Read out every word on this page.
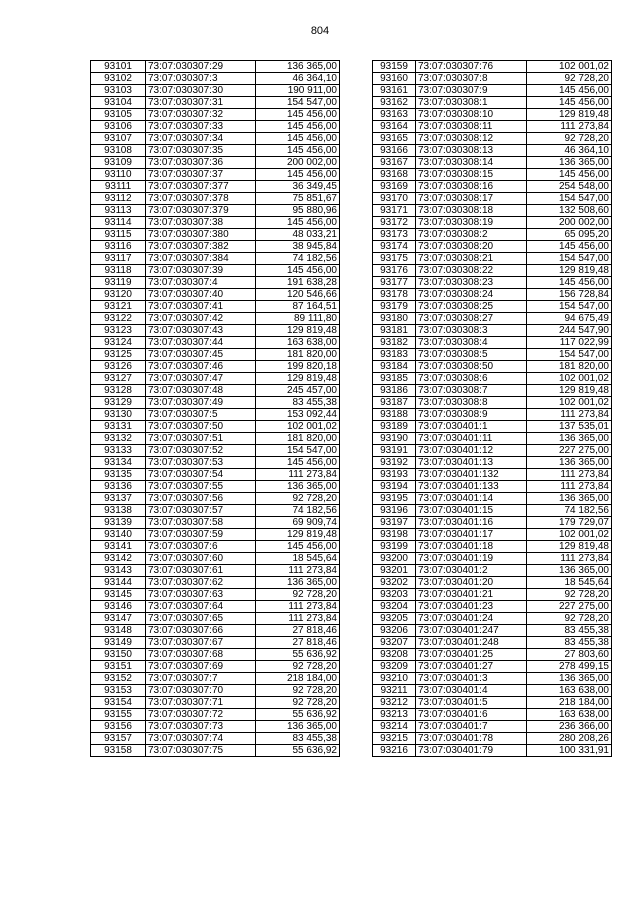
804
93101	73:07:030307:29	136 365,00
93102	73:07:030307:3	46 364,10
93103	73:07:030307:30	190 911,00
93104	73:07:030307:31	154 547,00
93105	73:07:030307:32	145 456,00
93106	73:07:030307:33	145 456,00
93107	73:07:030307:34	145 456,00
93108	73:07:030307:35	145 456,00
93109	73:07:030307:36	200 002,00
93110	73:07:030307:37	145 456,00
93111	73:07:030307:377	36 349,45
93112	73:07:030307:378	75 851,67
93113	73:07:030307:379	95 880,96
93114	73:07:030307:38	145 456,00
93115	73:07:030307:380	48 033,21
93116	73:07:030307:382	38 945,84
93117	73:07:030307:384	74 182,56
93118	73:07:030307:39	145 456,00
93119	73:07:030307:4	191 638,28
93120	73:07:030307:40	120 546,66
93121	73:07:030307:41	87 164,51
93122	73:07:030307:42	89 111,80
93123	73:07:030307:43	129 819,48
93124	73:07:030307:44	163 638,00
93125	73:07:030307:45	181 820,00
93126	73:07:030307:46	199 820,18
93127	73:07:030307:47	129 819,48
93128	73:07:030307:48	245 457,00
93129	73:07:030307:49	83 455,38
93130	73:07:030307:5	153 092,44
93131	73:07:030307:50	102 001,02
93132	73:07:030307:51	181 820,00
93133	73:07:030307:52	154 547,00
93134	73:07:030307:53	145 456,00
93135	73:07:030307:54	111 273,84
93136	73:07:030307:55	136 365,00
93137	73:07:030307:56	92 728,20
93138	73:07:030307:57	74 182,56
93139	73:07:030307:58	69 909,74
93140	73:07:030307:59	129 819,48
93141	73:07:030307:6	145 456,00
93142	73:07:030307:60	18 545,64
93143	73:07:030307:61	111 273,84
93144	73:07:030307:62	136 365,00
93145	73:07:030307:63	92 728,20
93146	73:07:030307:64	111 273,84
93147	73:07:030307:65	111 273,84
93148	73:07:030307:66	27 818,46
93149	73:07:030307:67	27 818,46
93150	73:07:030307:68	55 636,92
93151	73:07:030307:69	92 728,20
93152	73:07:030307:7	218 184,00
93153	73:07:030307:70	92 728,20
93154	73:07:030307:71	92 728,20
93155	73:07:030307:72	55 636,92
93156	73:07:030307:73	136 365,00
93157	73:07:030307:74	83 455,38
93158	73:07:030307:75	55 636,92
93159	73:07:030307:76	102 001,02
93160	73:07:030307:8	92 728,20
93161	73:07:030307:9	145 456,00
93162	73:07:030308:1	145 456,00
93163	73:07:030308:10	129 819,48
93164	73:07:030308:11	111 273,84
93165	73:07:030308:12	92 728,20
93166	73:07:030308:13	46 364,10
93167	73:07:030308:14	136 365,00
93168	73:07:030308:15	145 456,00
93169	73:07:030308:16	254 548,00
93170	73:07:030308:17	154 547,00
93171	73:07:030308:18	132 508,60
93172	73:07:030308:19	200 002,00
93173	73:07:030308:2	65 095,20
93174	73:07:030308:20	145 456,00
93175	73:07:030308:21	154 547,00
93176	73:07:030308:22	129 819,48
93177	73:07:030308:23	145 456,00
93178	73:07:030308:24	156 728,84
93179	73:07:030308:25	154 547,00
93180	73:07:030308:27	94 675,49
93181	73:07:030308:3	244 547,90
93182	73:07:030308:4	117 022,99
93183	73:07:030308:5	154 547,00
93184	73:07:030308:50	181 820,00
93185	73:07:030308:6	102 001,02
93186	73:07:030308:7	129 819,48
93187	73:07:030308:8	102 001,02
93188	73:07:030308:9	111 273,84
93189	73:07:030401:1	137 535,01
93190	73:07:030401:11	136 365,00
93191	73:07:030401:12	227 275,00
93192	73:07:030401:13	136 365,00
93193	73:07:030401:132	111 273,84
93194	73:07:030401:133	111 273,84
93195	73:07:030401:14	136 365,00
93196	73:07:030401:15	74 182,56
93197	73:07:030401:16	179 729,07
93198	73:07:030401:17	102 001,02
93199	73:07:030401:18	129 819,48
93200	73:07:030401:19	111 273,84
93201	73:07:030401:2	136 365,00
93202	73:07:030401:20	18 545,64
93203	73:07:030401:21	92 728,20
93204	73:07:030401:23	227 275,00
93205	73:07:030401:24	92 728,20
93206	73:07:030401:247	83 455,38
93207	73:07:030401:248	83 455,38
93208	73:07:030401:25	27 803,60
93209	73:07:030401:27	278 499,15
93210	73:07:030401:3	136 365,00
93211	73:07:030401:4	163 638,00
93212	73:07:030401:5	218 184,00
93213	73:07:030401:6	163 638,00
93214	73:07:030401:7	236 366,00
93215	73:07:030401:78	280 208,26
93216	73:07:030401:79	100 331,91
